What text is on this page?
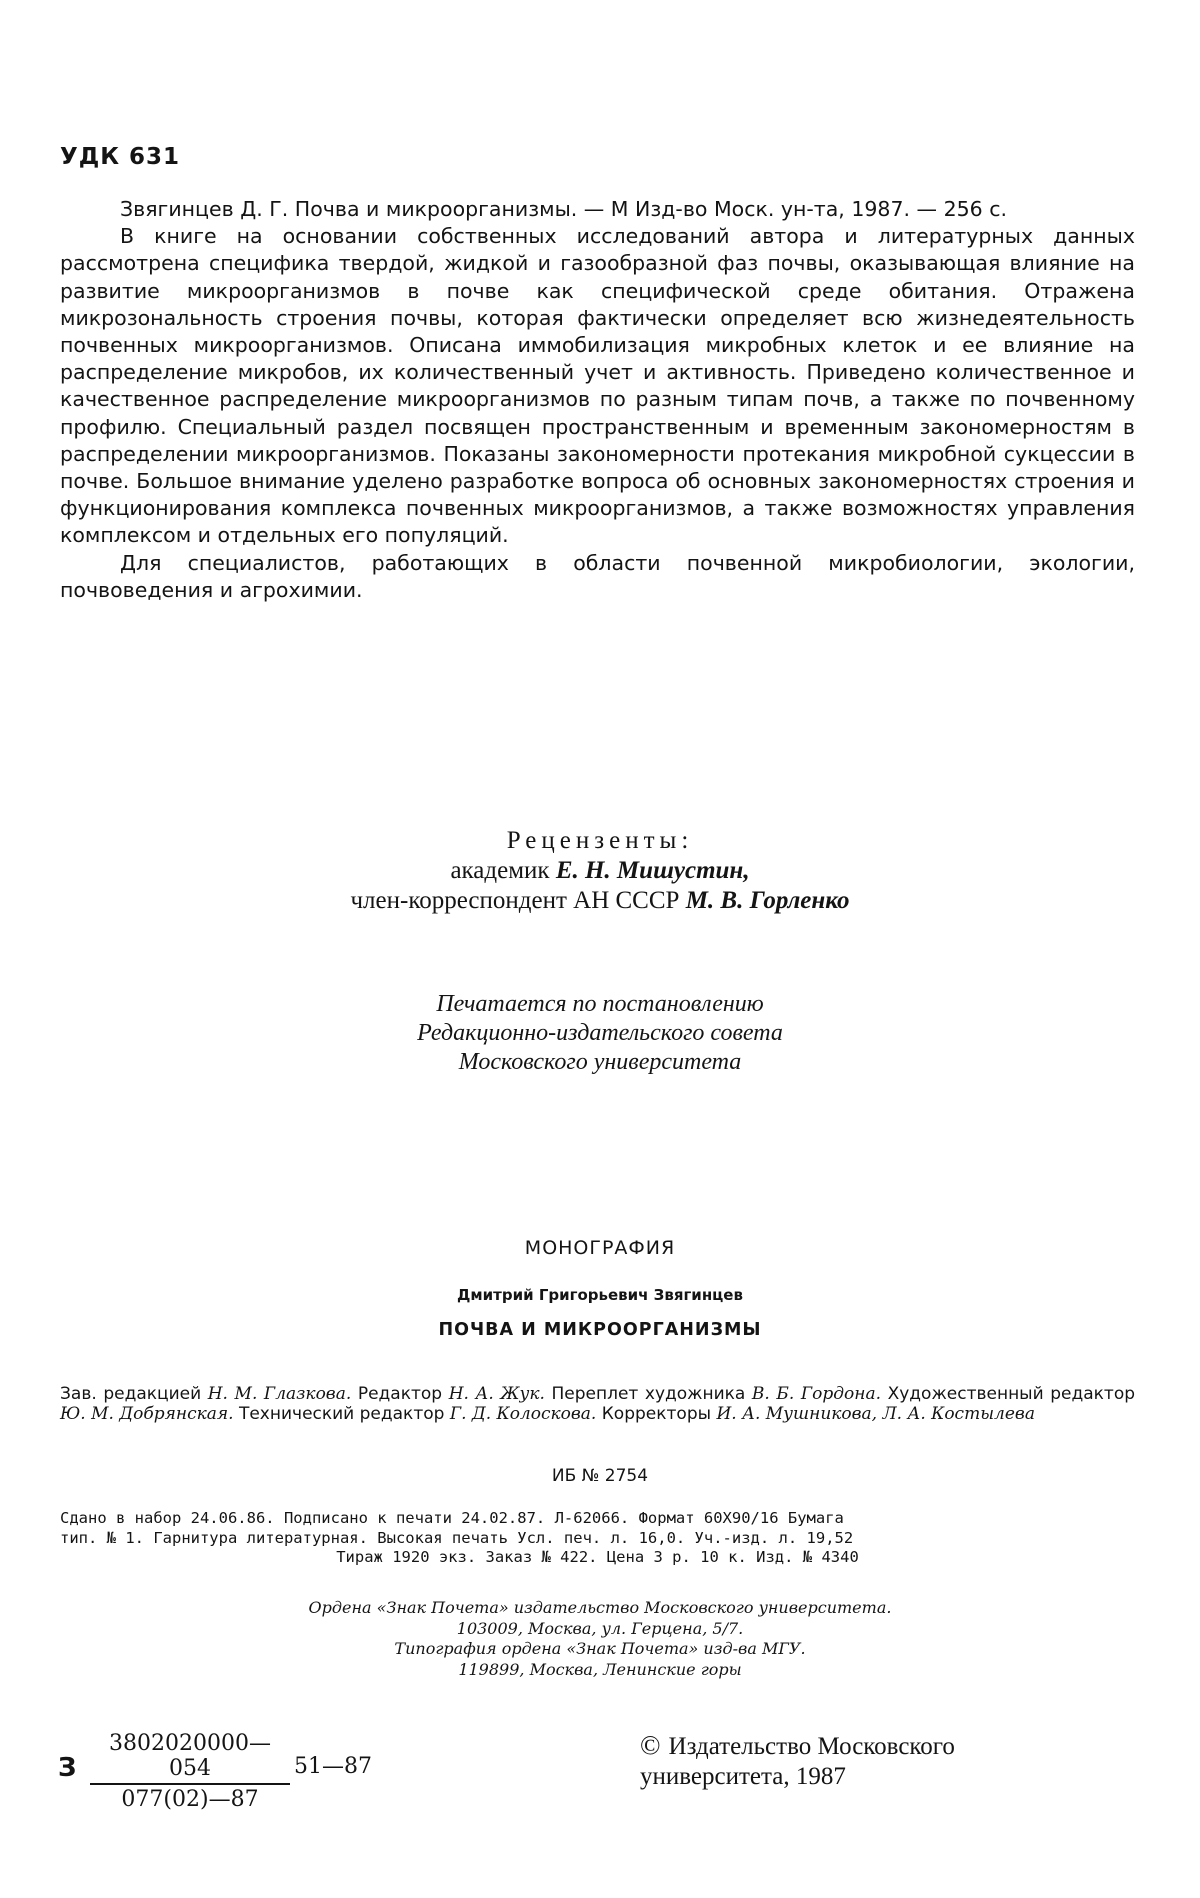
УДК 631

Звягинцев Д. Г. Почва и микроорганизмы. — М Изд-во Моск. ун-та, 1987. — 256 с.

В книге на основании собственных исследований автора и литературных данных рассмотрена специфика твердой, жидкой и газообразной фаз почвы, оказывающая влияние на развитие микроорганизмов в почве как специфической среде обитания. Отражена микрозональность строения почвы, которая фактически определяет всю жизнедеятельность почвенных микроорганизмов. Описана иммобилизация микробных клеток и ее влияние на распределение микробов, их количественный учет и активность. Приведено количественное и качественное распределение микроорганизмов по разным типам почв, а также по почвенному профилю. Специальный раздел посвящен пространственным и временным закономерностям в распределении микроорганизмов. Показаны закономерности протекания микробной сукцессии в почве. Большое внимание уделено разработке вопроса об основных закономерностях строения и функционирования комплекса почвенных микроорганизмов, а также возможностях управления комплексом и отдельных его популяций.

Для специалистов, работающих в области почвенной микробиологии, экологии, почвоведения и агрохимии.

Рецензенты:
академик Е. Н. Мишустин,
член-корреспондент АН СССР М. В. Горленко
Печатается по постановлению
Редакционно-издательского совета
Московского университета
МОНОГРАФИЯ
Дмитрий Григорьевич Звягинцев
ПОЧВА И МИКРООРГАНИЗМЫ
Зав. редакцией Н. М. Глазкова. Редактор Н. А. Жук. Переплет художника В. Б. Гордона. Художественный редактор Ю. М. Добрянская. Технический редактор Г. Д. Колоскова. Корректоры И. А. Мушникова, Л. А. Костылева
ИБ № 2754
Сдано в набор 24.06.86. Подписано к печати 24.02.87. Л-62066. Формат 60Х90/16 Бумага
тип. № 1. Гарнитура литературная. Высокая печать Усл. печ. л. 16,0. Уч.-изд. л. 19,52
Тираж 1920 экз. Заказ № 422. Цена 3 р. 10 к. Изд. № 4340
Ордена «Знак Почета» издательство Московского университета.
103009, Москва, ул. Герцена, 5/7.
Типография ордена «Знак Почета» изд-ва МГУ.
119899, Москва, Ленинские горы
З $\frac{3802020000—054}{077(02)—87}$ 51—87
© Издательство Московского
университета, 1987
